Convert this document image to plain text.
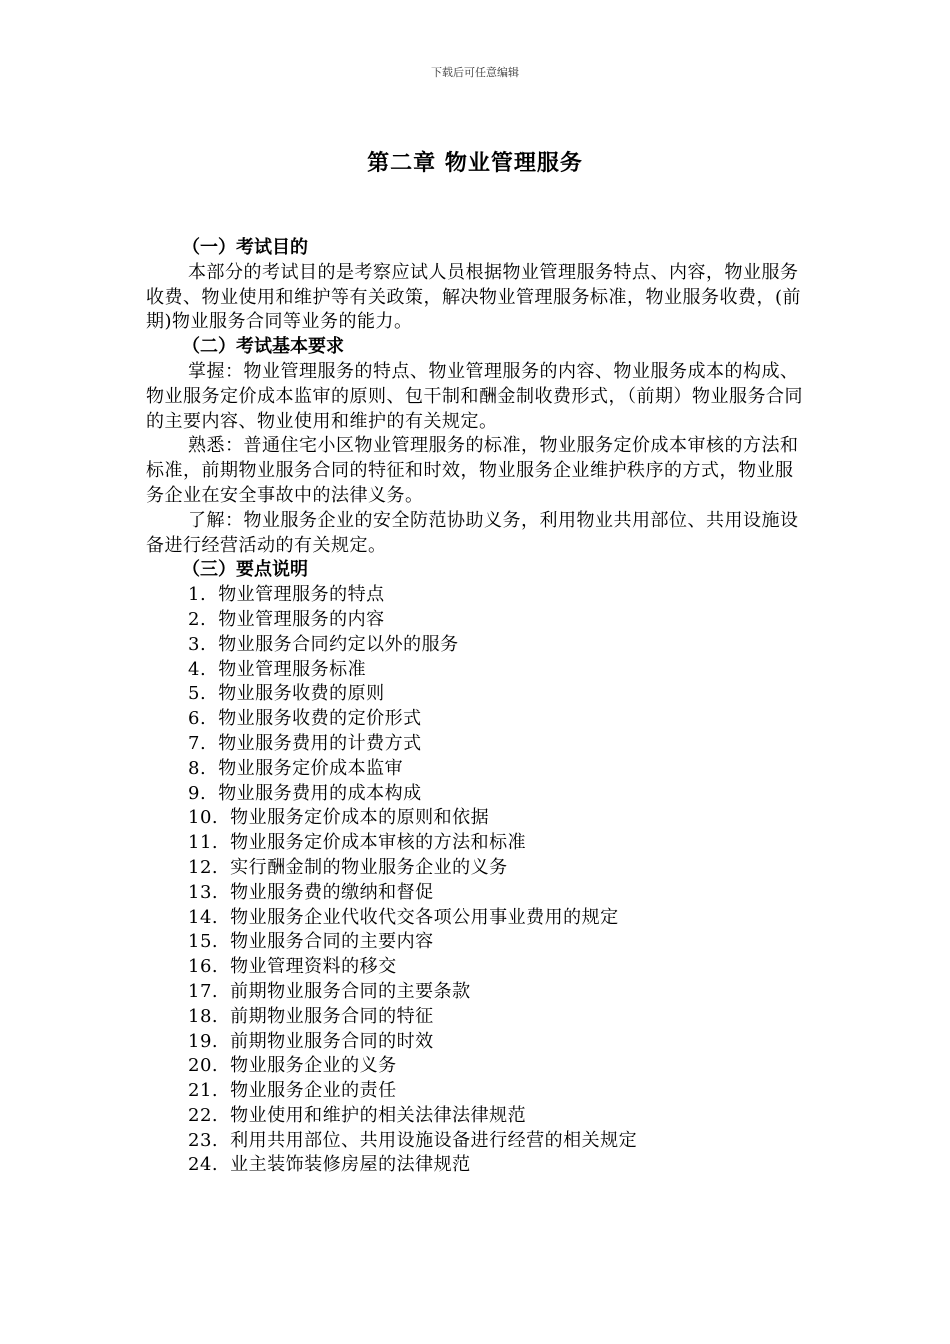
下载后可任意编辑
第二章 物业管理服务

（一）考试目的

本部分的考试目的是考察应试人员根据物业管理服务特点、内容，物业服务收费、物业使用和维护等有关政策，解决物业管理服务标准，物业服务收费，(前期)物业服务合同等业务的能力。

（二）考试基本要求

掌握：物业管理服务的特点、物业管理服务的内容、物业服务成本的构成、物业服务定价成本监审的原则、包干制和酬金制收费形式，（前期）物业服务合同的主要内容、物业使用和维护的有关规定。

熟悉：普通住宅小区物业管理服务的标准，物业服务定价成本审核的方法和标准，前期物业服务合同的特征和时效，物业服务企业维护秩序的方式，物业服务企业在安全事故中的法律义务。

了解：物业服务企业的安全防范协助义务，利用物业共用部位、共用设施设备进行经营活动的有关规定。

（三）要点说明

1. 物业管理服务的特点
2. 物业管理服务的内容
3. 物业服务合同约定以外的服务
4. 物业管理服务标准
5. 物业服务收费的原则
6. 物业服务收费的定价形式
7. 物业服务费用的计费方式
8. 物业服务定价成本监审
9. 物业服务费用的成本构成
10. 物业服务定价成本的原则和依据
11. 物业服务定价成本审核的方法和标准
12. 实行酬金制的物业服务企业的义务
13. 物业服务费的缴纳和督促
14. 物业服务企业代收代交各项公用事业费用的规定
15. 物业服务合同的主要内容
16. 物业管理资料的移交
17. 前期物业服务合同的主要条款
18. 前期物业服务合同的特征
19. 前期物业服务合同的时效
20. 物业服务企业的义务
21. 物业服务企业的责任
22. 物业使用和维护的相关法律法律规范
23. 利用共用部位、共用设施设备进行经营的相关规定
24. 业主装饰装修房屋的法律规范
